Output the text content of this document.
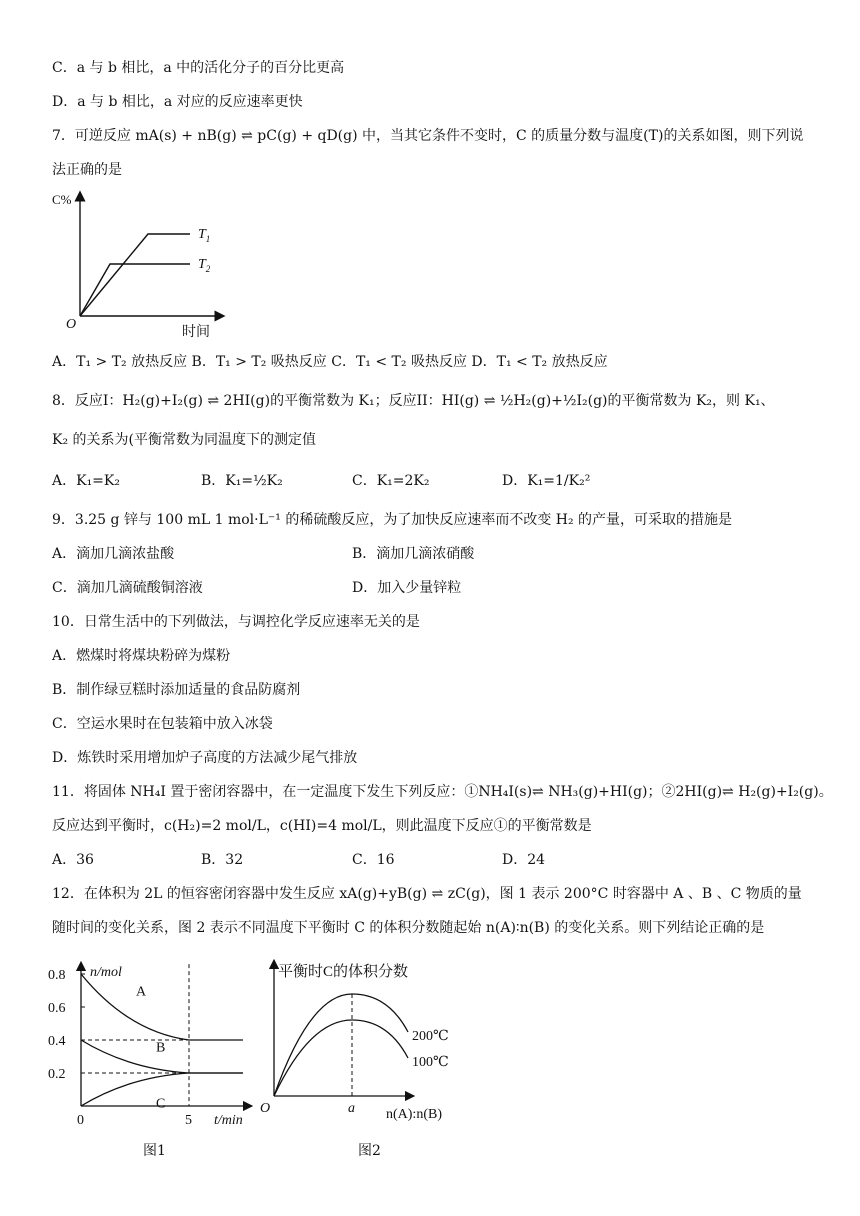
C．a 与 b 相比，a 中的活化分子的百分比更高
D．a 与 b 相比，a 对应的反应速率更快
7．可逆反应 mA(s) + nB(g) ⇌ pC(g) + qD(g) 中，当其它条件不变时，C 的质量分数与温度(T)的关系如图，则下列说
法正确的是
C%
O
时间
$T_1$
$T_2$
A．T₁ > T₂ 放热反应 B．T₁ > T₂ 吸热反应 C．T₁ < T₂ 吸热反应 D．T₁ < T₂ 放热反应
8．反应I：H₂(g)+I₂(g) ⇌ 2HI(g)的平衡常数为 K₁；反应II：HI(g) ⇌ ½H₂(g)+½I₂(g)的平衡常数为 K₂，则 K₁、
K₂ 的关系为(平衡常数为同温度下的测定值
A．K₁=K₂	B．K₁=½K₂	C．K₁=2K₂	D．K₁=1/K₂²
9．3.25 g 锌与 100 mL 1 mol·L⁻¹ 的稀硫酸反应，为了加快反应速率而不改变 H₂ 的产量，可采取的措施是
A．滴加几滴浓盐酸	B．滴加几滴浓硝酸
C．滴加几滴硫酸铜溶液	D．加入少量锌粒
10．日常生活中的下列做法，与调控化学反应速率无关的是
A．燃煤时将煤块粉碎为煤粉
B．制作绿豆糕时添加适量的食品防腐剂
C．空运水果时在包装箱中放入冰袋
D．炼铁时采用增加炉子高度的方法减少尾气排放
11．将固体 NH₄I 置于密闭容器中，在一定温度下发生下列反应：①NH₄I(s)⇌ NH₃(g)+HI(g)；②2HI(g)⇌ H₂(g)+I₂(g)。
反应达到平衡时，c(H₂)=2 mol/L，c(HI)=4 mol/L，则此温度下反应①的平衡常数是
A．36	B．32	C．16	D．24
12．在体积为 2L 的恒容密闭容器中发生反应 xA(g)+yB(g) ⇌ zC(g)，图 1 表示 200°C 时容器中 A 、B 、C 物质的量
随时间的变化关系，图 2 表示不同温度下平衡时 C 的体积分数随起始 n(A)∶n(B) 的变化关系。则下列结论正确的是
n/mol
t/min
0.8
0.6
0.4
0.2
0	5
A
B
C
图1
平衡时C的体积分数
O	a n(A):n(B)
200℃
100℃
图2
